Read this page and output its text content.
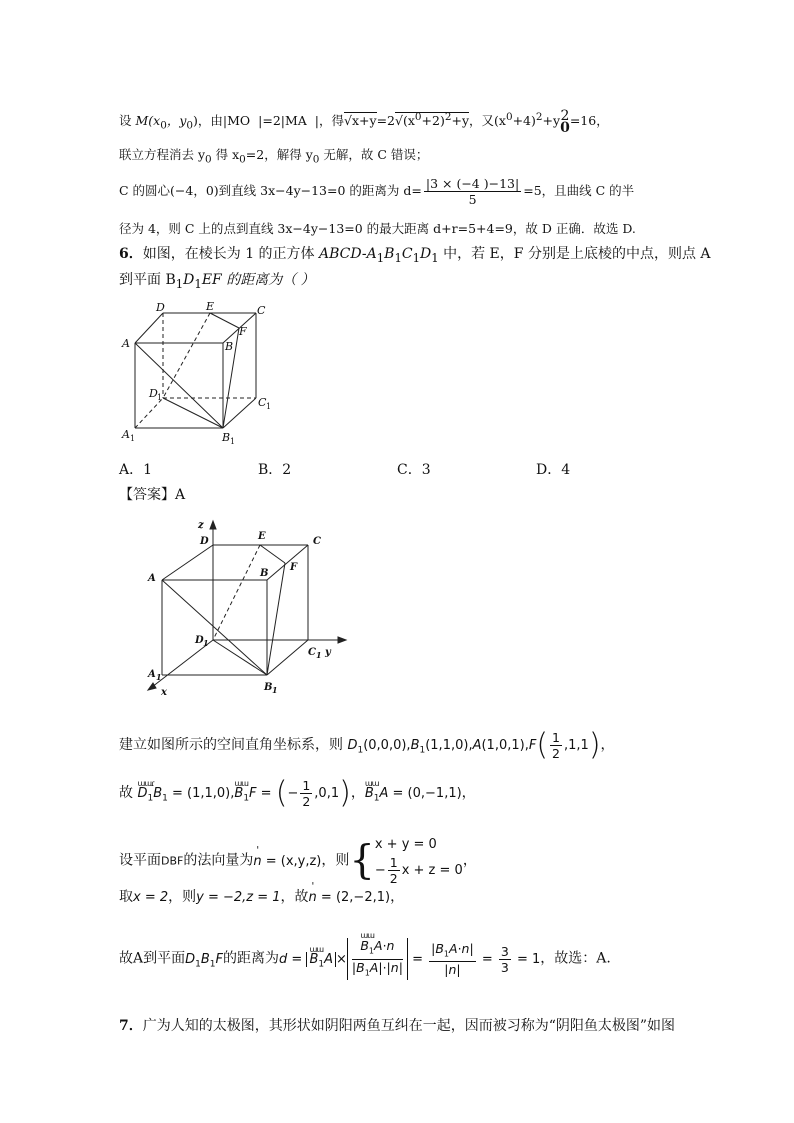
设 $M(x_0$，$y_0$)，由|MO |=2|MA |，得$√x+y=2√(x^0+2)^2+y$，又$(x^0+4)^2+y$ 2
0 =16，
联立方程消去 $y_0$ 得 $x_0=2$，解得 $y_0$ 无解，故 C 错误；
C 的圆心(−4，0)到直线 3x−4y−13=0 的距离为 $d= \frac{|3 \times (-4 )-13|}{5} =5$，且曲线 C 的半
径为 4，则 C 上的点到直线 3x−4y−13=0 的最大距离 d+r=5+4=9，故 D 正确．故选 D.
6．如图，在棱长为 1 的正方体 ABCD-$A_1B_1C_1D_1$ 中，若 E，F 分别是上底棱的中点，则点 A
到平面 $B_1D_1EF$ 的距离为（ ）
D	E	C
A	B
F
D 1	C 1
A 1	B 1
A．1	B．2	C．3	D．4
【答案】A
z
D	E	C
A	B
F
D 1
C 1 y
A 1
B 1
x
建立如图所示的空间直角坐标系，则 $D_1(0,0,0),B_1(1,1,0),A(1,0,1),F( \frac{1}{2} ,1,1)$，
故 ɯɯɾ $D_1B_1$ = (1,1,0),ɯɯ $B_1F$ = (− $\frac{1}{2} ,0,1$)，ɯɯ $B_1A = (0,-1,1)$，
设平面DBF的法向量为' n = (x,y,z)，则{ x + y = 0
− $\frac{1}{2}$ x + z = 0
，
取x = 2，则y = −2,z = 1，故' n = (2,−2,1)，
故A到平面$D_1B_1F$的距离为d = ɯɯ $B_1A$ × ɯɯ $\frac{B_1A\cdot n}{|B_1A|\cdot|n|} = \frac{|B_1A\cdot n|}{|n|} = \frac{3}{3} = 1$，故选：A.
7．广为人知的太极图，其形状如阴阳两鱼互纠在一起，因而被习称为“阴阳鱼太极图”如图
